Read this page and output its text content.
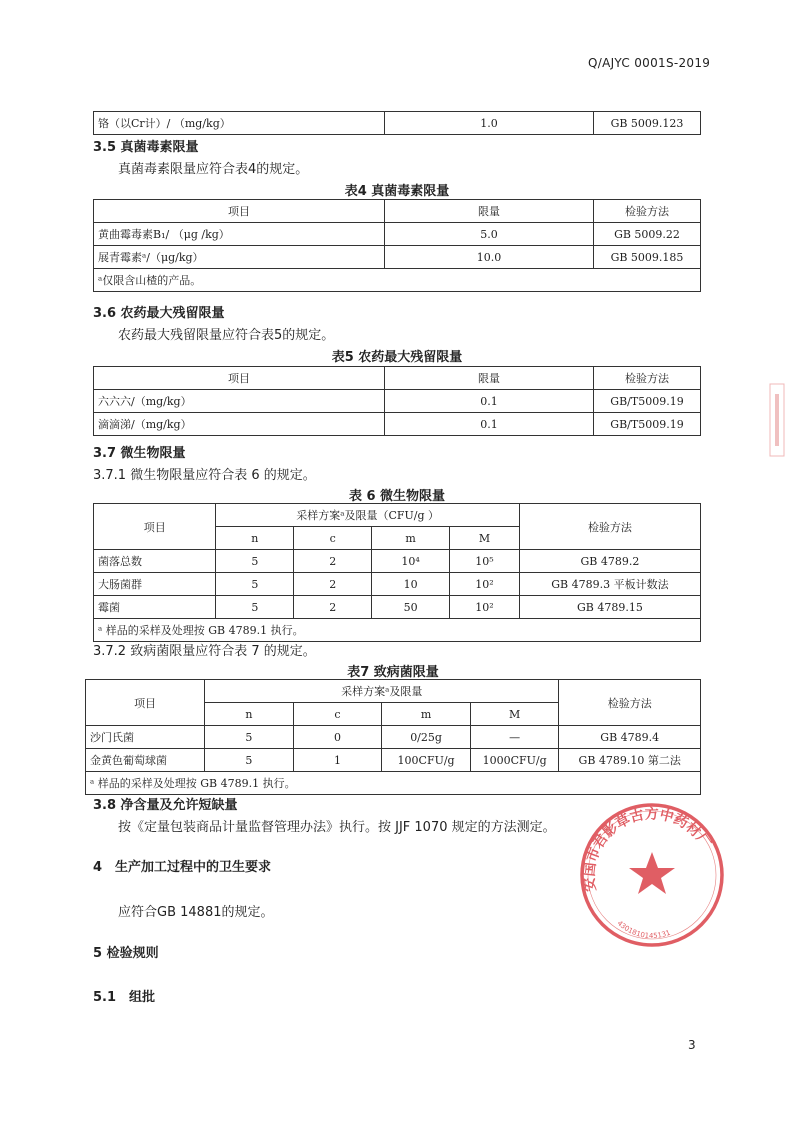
Q/AJYC 0001S-2019
铬（以Cr计）/ （mg/kg）	1.0	GB 5009.123
3.5 真菌毒素限量
真菌毒素限量应符合表4的规定。
表4 真菌毒素限量
项目	限量	检验方法
黄曲霉毒素B₁/ （μg /kg）	5.0	GB 5009.22
展青霉素ᵃ/（μg/kg）	10.0	GB 5009.185
ᵃ仅限含山楂的产品。		
3.6 农药最大残留限量
农药最大残留限量应符合表5的规定。
表5 农药最大残留限量
项目	限量	检验方法
六六六/（mg/kg）	0.1	GB/T5009.19
滴滴涕/（mg/kg）	0.1	GB/T5009.19
3.7 微生物限量
3.7.1 微生物限量应符合表 6 的规定。
表 6 微生物限量
项目	采样方案ᵃ及限量（CFU/g ）				检验方法
	n	c	m	M	
菌落总数	5	2	10⁴	10⁵	GB 4789.2
大肠菌群	5	2	10	10²	GB 4789.3 平板计数法
霉菌	5	2	50	10²	GB 4789.15
ᵃ 样品的采样及处理按 GB 4789.1 执行。					
3.7.2 致病菌限量应符合表 7 的规定。
表7 致病菌限量
项目	采样方案ᵃ及限量				检验方法
	n	c	m	M	
沙门氏菌	5	0	0/25g	—	GB 4789.4
金黄色葡萄球菌	5	1	100CFU/g	1000CFU/g	GB 4789.10 第二法
ᵃ 样品的采样及处理按 GB 4789.1 执行。					
3.8 净含量及允许短缺量
按《定量包装商品计量监督管理办法》执行。按 JJF 1070 规定的方法测定。
4　生产加工过程中的卫生要求
应符合GB 14881的规定。
5 检验规则
5.1　组批
安国市君影草古方中药材厂
4301810145131
3
